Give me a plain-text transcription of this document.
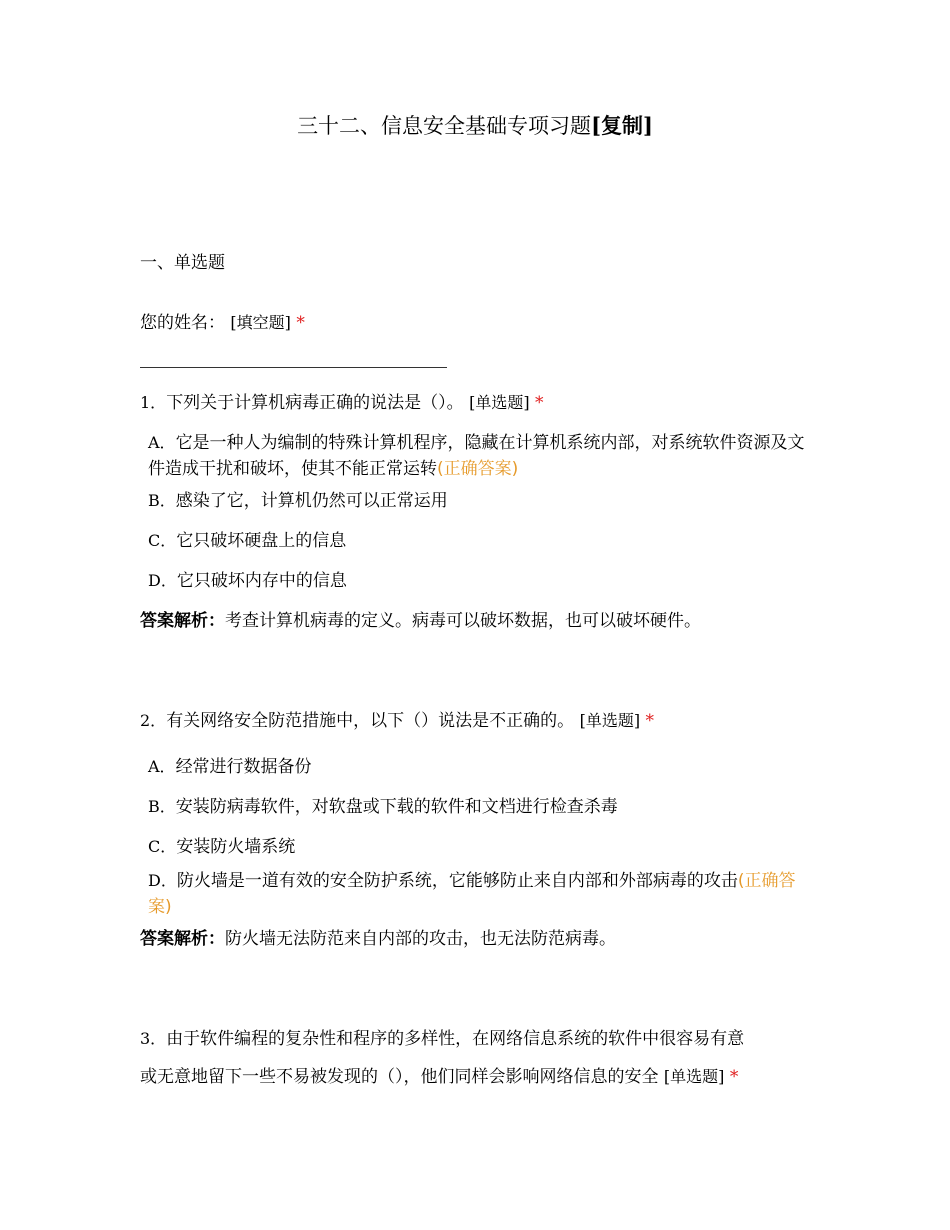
三十二、信息安全基础专项习题[复制]
一、单选题
您的姓名： [填空题] *
1．下列关于计算机病毒正确的说法是（）。 [单选题] *
A．它是一种人为编制的特殊计算机程序，隐藏在计算机系统内部，对系统软件资源及文件造成干扰和破坏，使其不能正常运转(正确答案)
B．感染了它，计算机仍然可以正常运用
C．它只破坏硬盘上的信息
D．它只破坏内存中的信息
答案解析：考查计算机病毒的定义。病毒可以破坏数据，也可以破坏硬件。
2．有关网络安全防范措施中，以下（）说法是不正确的。 [单选题] *
A．经常进行数据备份
B．安装防病毒软件，对软盘或下载的软件和文档进行检查杀毒
C．安装防火墙系统
D．防火墙是一道有效的安全防护系统，它能够防止来自内部和外部病毒的攻击(正确答案)
答案解析：防火墙无法防范来自内部的攻击，也无法防范病毒。
3．由于软件编程的复杂性和程序的多样性，在网络信息系统的软件中很容易有意
或无意地留下一些不易被发现的（），他们同样会影响网络信息的安全 [单选题] *
